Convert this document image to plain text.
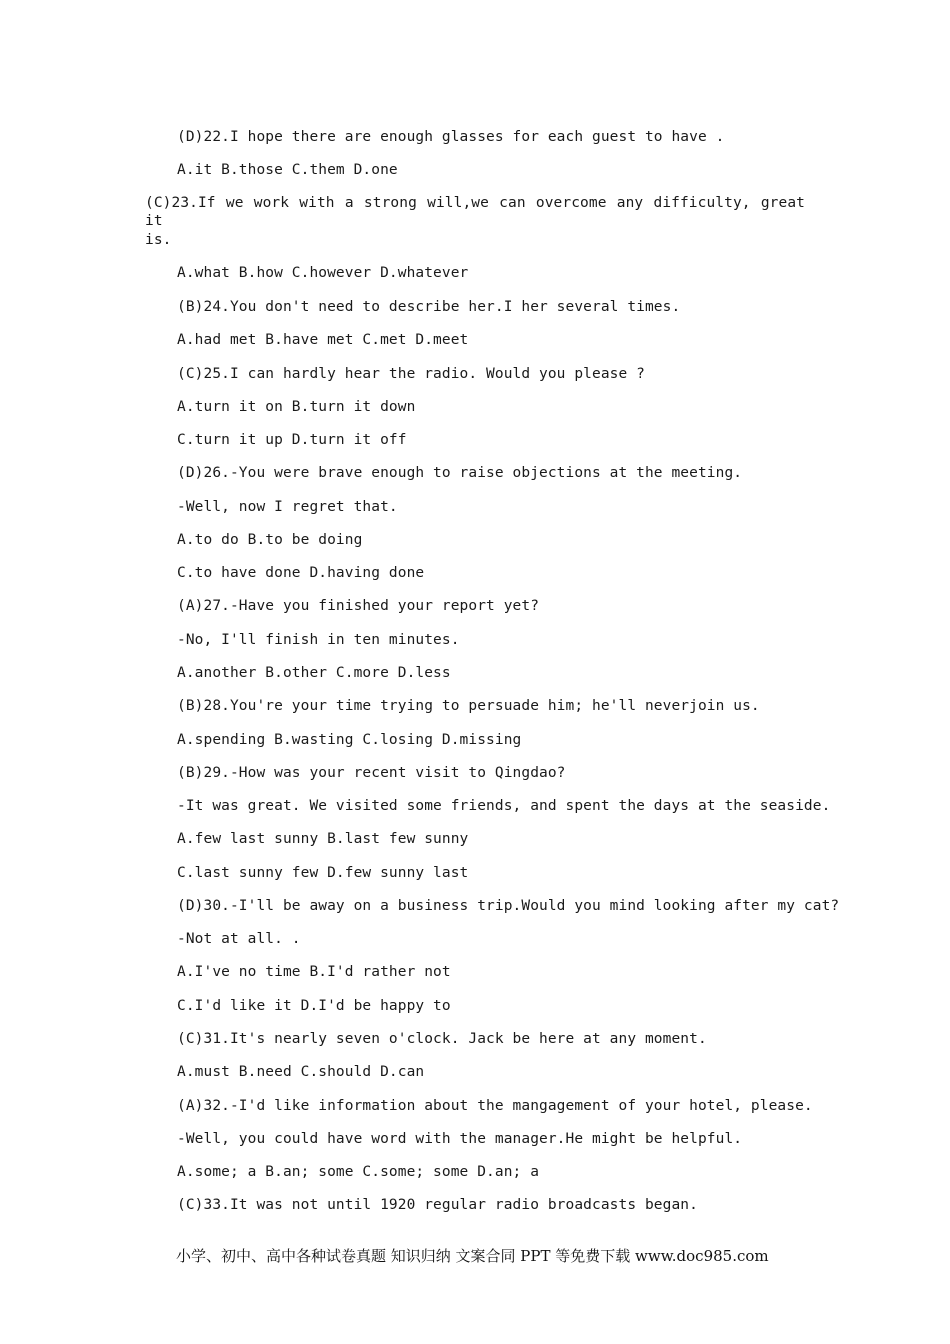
(D)22.I hope there are enough glasses for each guest to have .
A.it B.those C.them D.one
(C)23.If we work with a strong will,we can overcome any difficulty, great it
is.
A.what B.how C.however D.whatever
(B)24.You don't need to describe her.I her several times.
A.had met B.have met C.met D.meet
(C)25.I can hardly hear the radio. Would you please ?
A.turn it on B.turn it down
C.turn it up D.turn it off
(D)26.-You were brave enough to raise objections at the meeting.
-Well, now I regret that.
A.to do B.to be doing
C.to have done D.having done
(A)27.-Have you finished your report yet?
-No, I'll finish in ten minutes.
A.another B.other C.more D.less
(B)28.You're your time trying to persuade him; he'll neverjoin us.
A.spending B.wasting C.losing D.missing
(B)29.-How was your recent visit to Qingdao?
-It was great. We visited some friends, and spent the days at the seaside.
A.few last sunny B.last few sunny
C.last sunny few D.few sunny last
(D)30.-I'll be away on a business trip.Would you mind looking after my cat?
-Not at all. .
A.I've no time B.I'd rather not
C.I'd like it D.I'd be happy to
(C)31.It's nearly seven o'clock. Jack be here at any moment.
A.must B.need C.should D.can
(A)32.-I'd like information about the mangagement of your hotel, please.
-Well, you could have word with the manager.He might be helpful.
A.some; a B.an; some C.some; some D.an; a
(C)33.It was not until 1920 regular radio broadcasts began.
小学、初中、高中各种试卷真题 知识归纳 文案合同 PPT 等免费下载 www.doc985.com
